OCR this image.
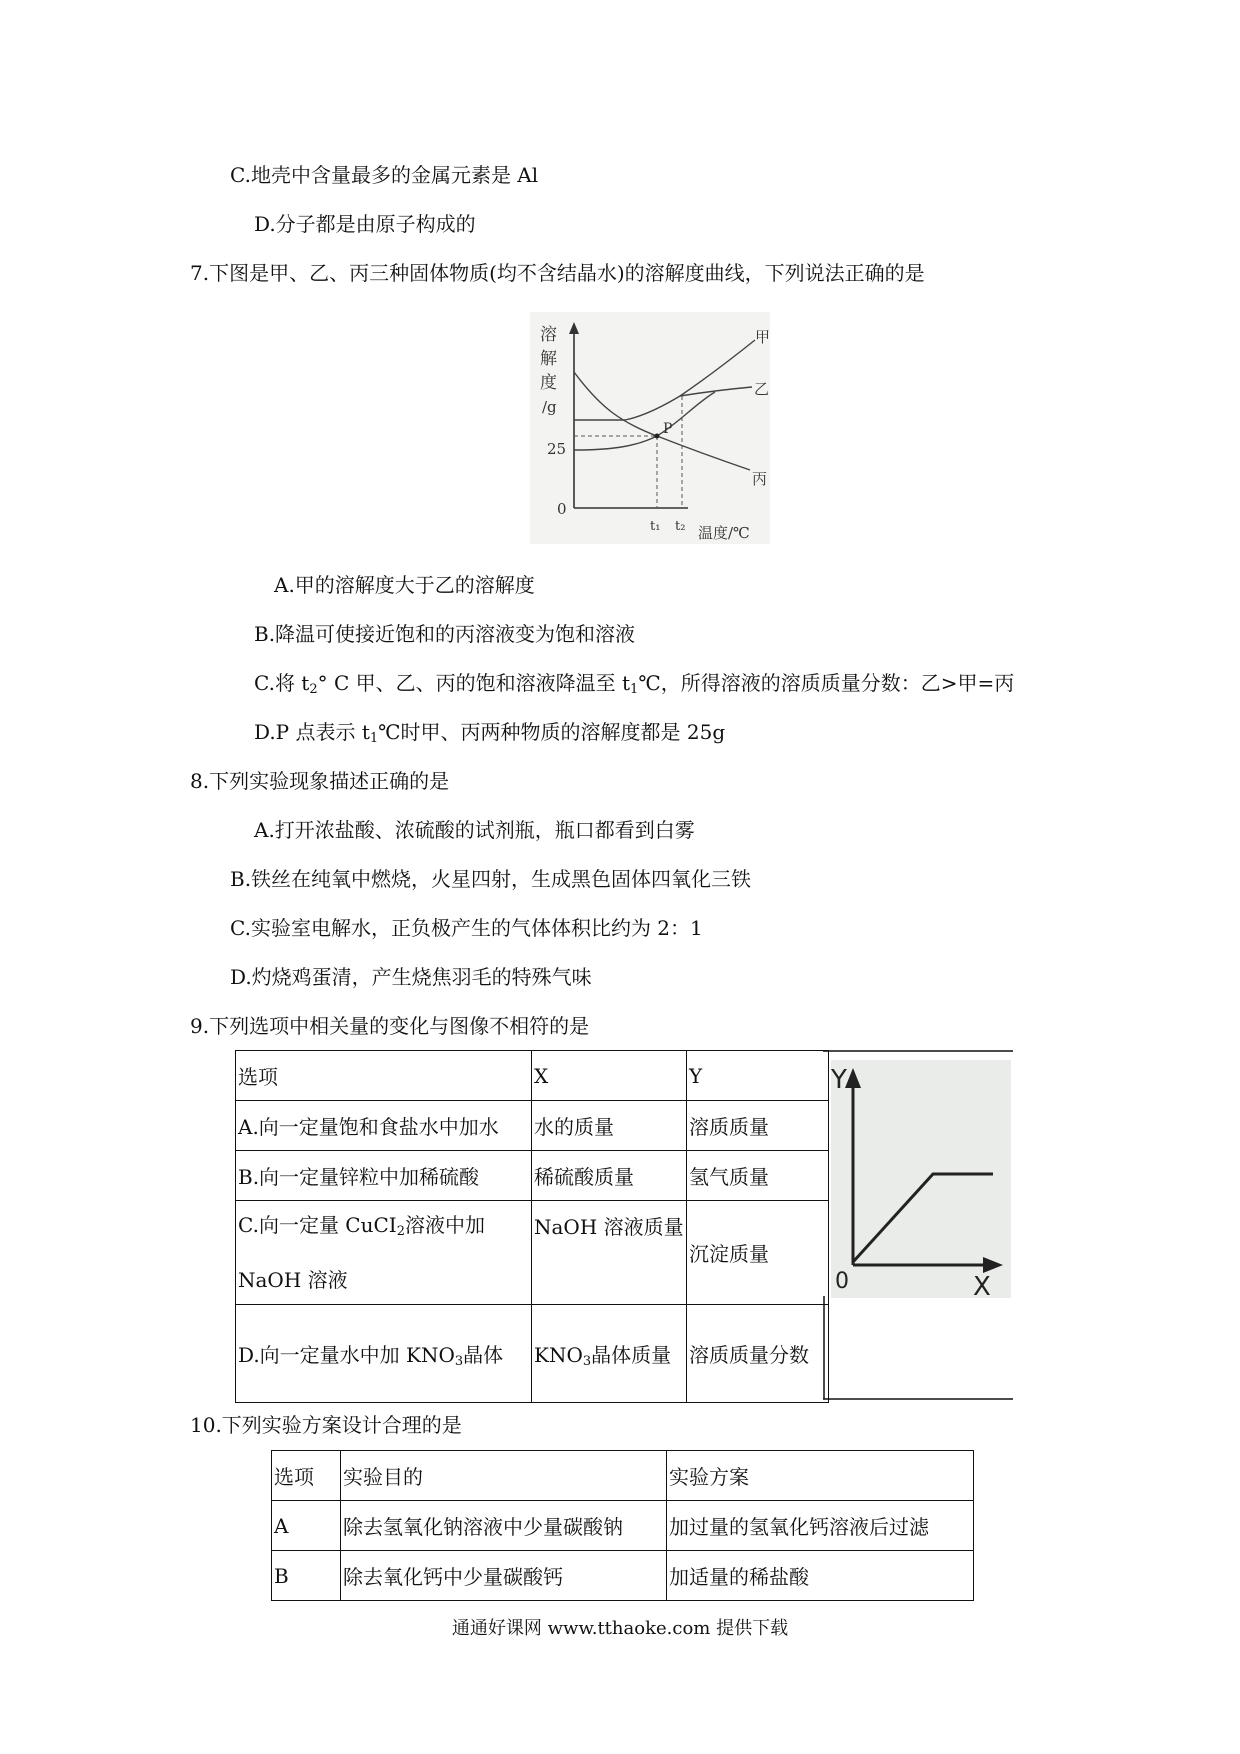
C.地壳中含量最多的金属元素是 Al
D.分子都是由原子构成的
7.下图是甲、乙、丙三种固体物质(均不含结晶水)的溶解度曲线，下列说法正确的是
溶
解
度
/g
25
0
P
甲
乙
丙
t₁ t₂ 温度/℃
A.甲的溶解度大于乙的溶解度
B.降温可使接近饱和的丙溶液变为饱和溶液
C.将 $t_2^\circ$ C 甲、乙、丙的饱和溶液降温至 $t_1℃$，所得溶液的溶质质量分数：乙>甲=丙
D.P 点表示 $t_1℃$时甲、丙两种物质的溶解度都是 25g
8.下列实验现象描述正确的是
A.打开浓盐酸、浓硫酸的试剂瓶，瓶口都看到白雾
B.铁丝在纯氧中燃烧，火星四射，生成黑色固体四氧化三铁
C.实验室电解水，正负极产生的气体体积比约为 2：1
D.灼烧鸡蛋清，产生烧焦羽毛的特殊气味
9.下列选项中相关量的变化与图像不相符的是
选项	X	Y
A.向一定量饱和食盐水中加水	水的质量	溶质质量
B.向一定量锌粒中加稀硫酸	稀硫酸质量	氢气质量
C.向一定量 CuCI$_2$溶液中加
NaOH 溶液	NaOH 溶液质量	沉淀质量
D.向一定量水中加 $KNO_3$晶体	$KNO_3$晶体质量	溶质质量分数
Y
X
0
10.下列实验方案设计合理的是
选项	实验目的	实验方案
A	除去氢氧化钠溶液中少量碳酸钠	加过量的氢氧化钙溶液后过滤
B	除去氧化钙中少量碳酸钙	加适量的稀盐酸
通通好课网 www.tthaoke.com 提供下载
